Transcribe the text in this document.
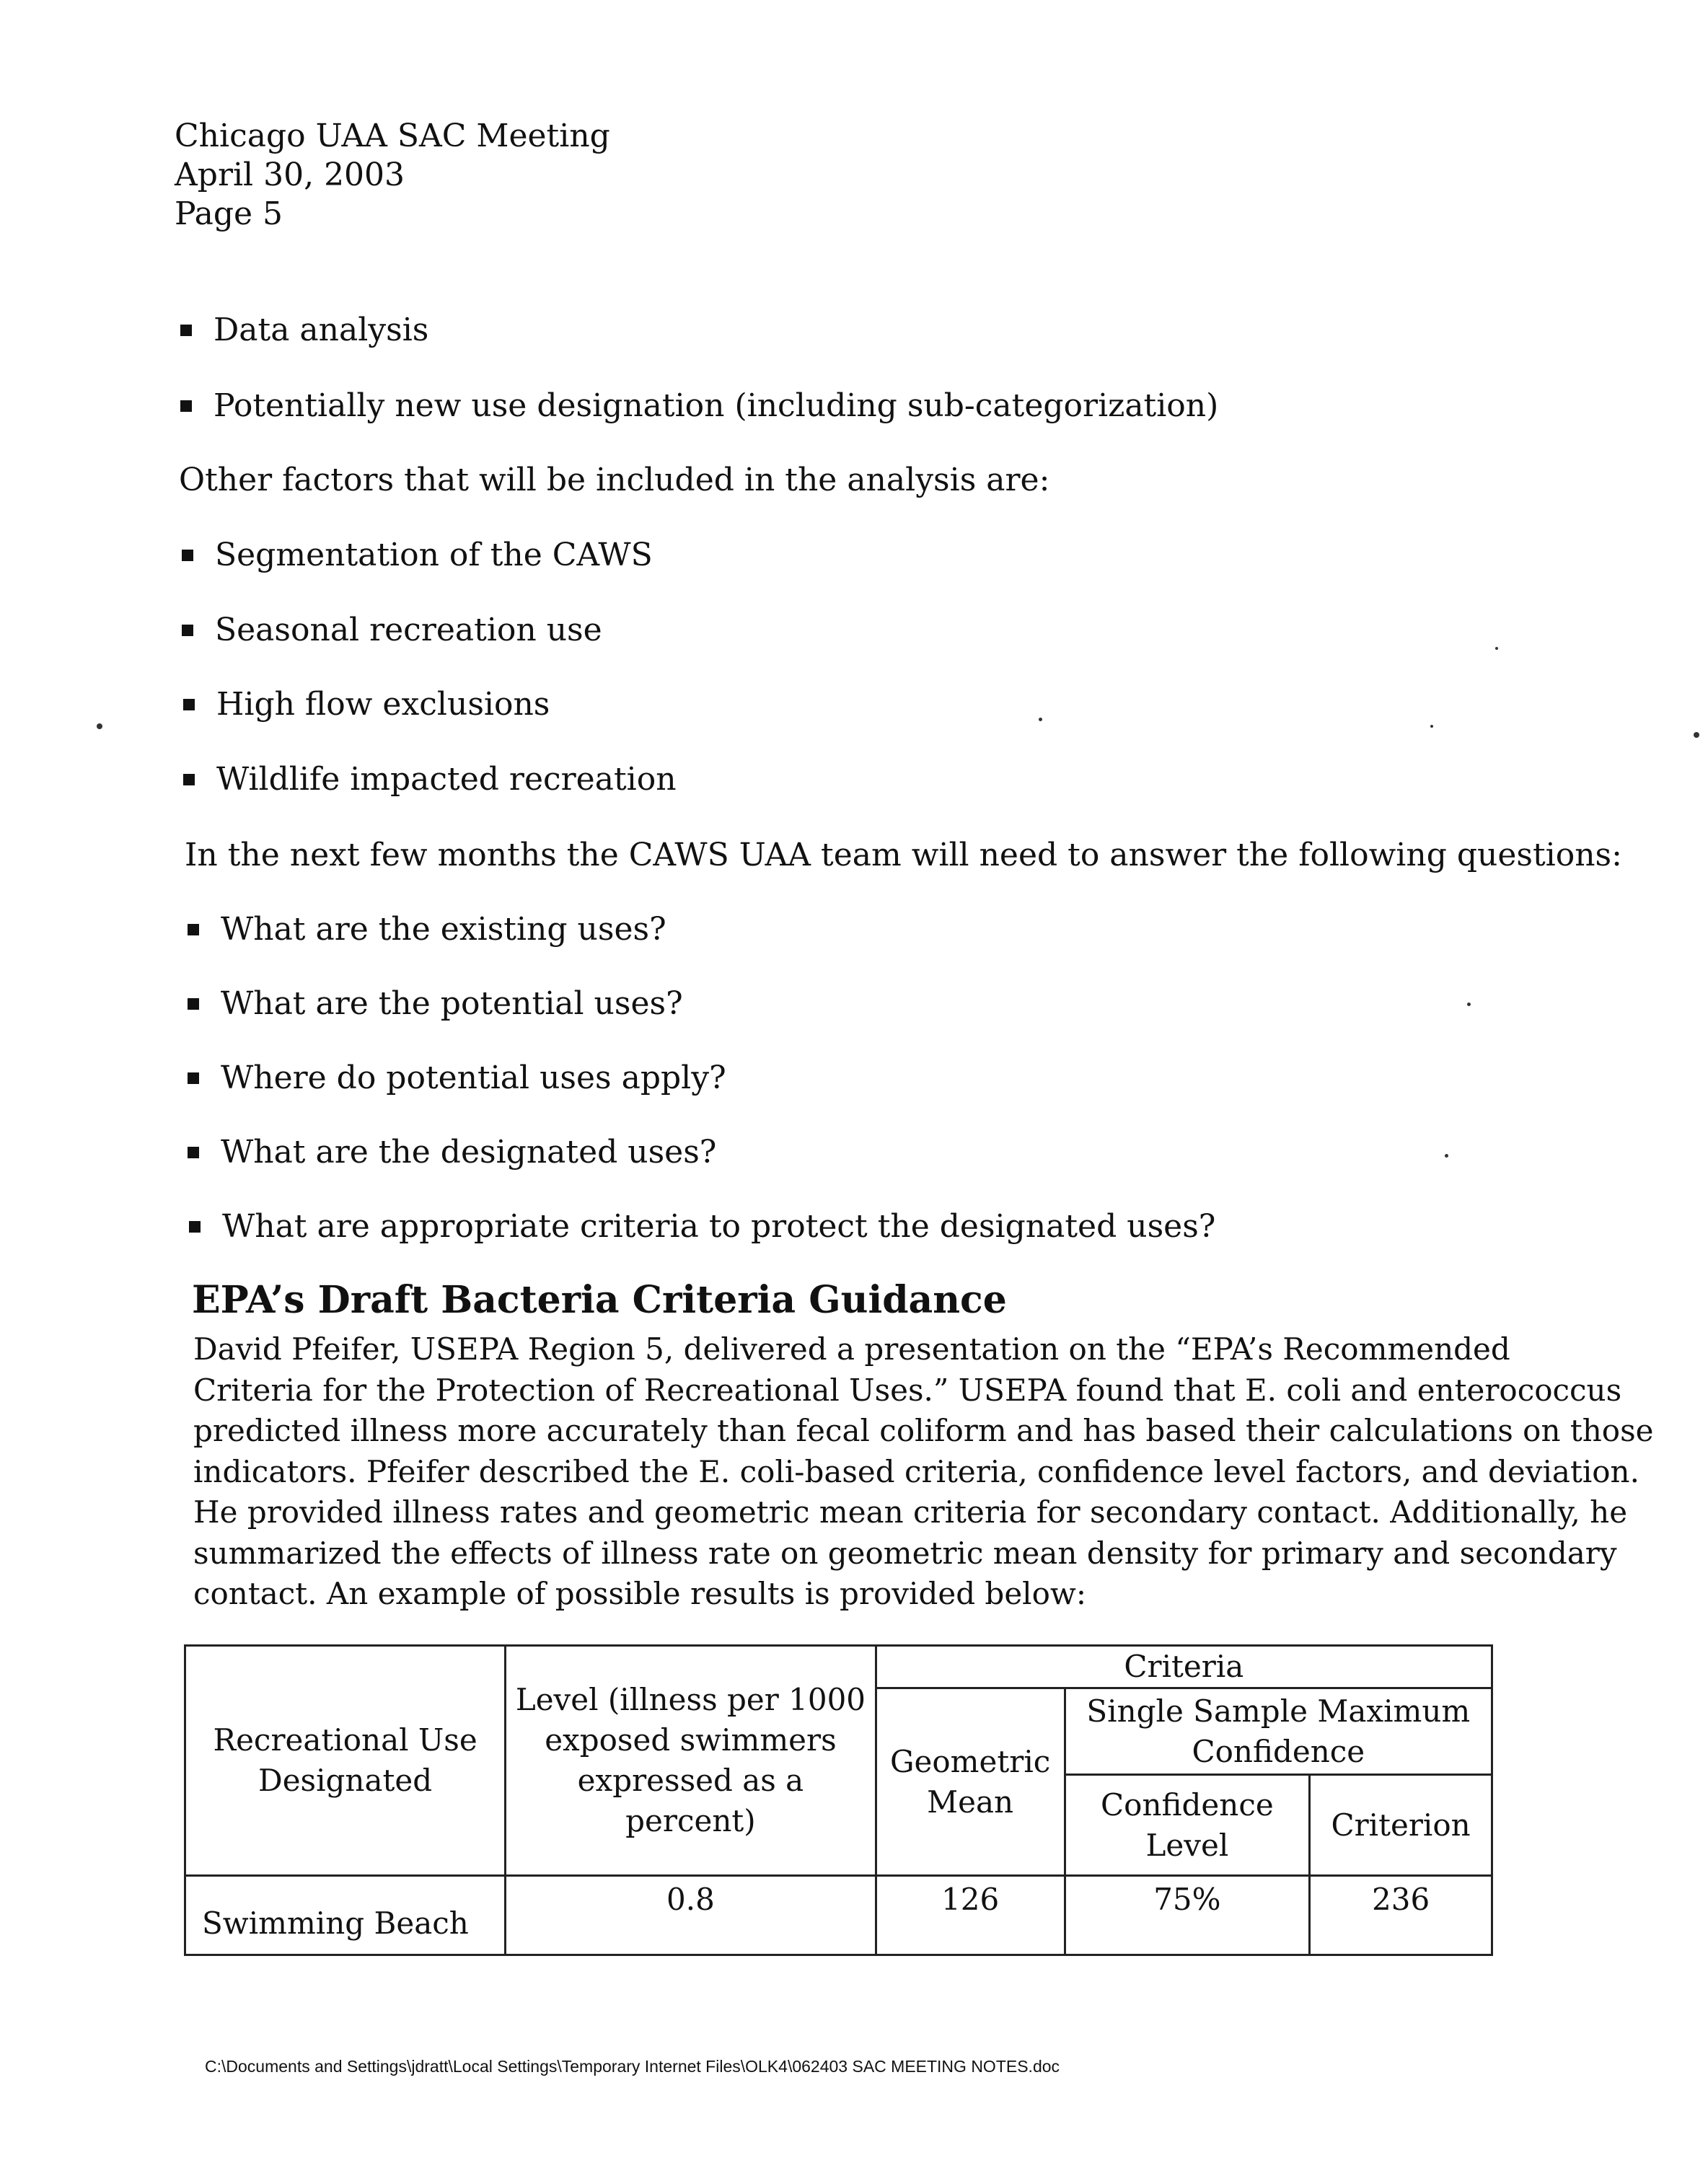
Chicago UAA SAC Meeting
April 30, 2003
Page 5
Data analysis
Potentially new use designation (including sub-categorization)
Other factors that will be included in the analysis are:
Segmentation of the CAWS
Seasonal recreation use
High flow exclusions
Wildlife impacted recreation
In the next few months the CAWS UAA team will need to answer the following questions:
What are the existing uses?
What are the potential uses?
Where do potential uses apply?
What are the designated uses?
What are appropriate criteria to protect the designated uses?
EPA’s Draft Bacteria Criteria Guidance
David Pfeifer, USEPA Region 5, delivered a presentation on the “EPA’s Recommended
Criteria for the Protection of Recreational Uses.” USEPA found that E. coli and enterococcus
predicted illness more accurately than fecal coliform and has based their calculations on those
indicators. Pfeifer described the E. coli-based criteria, confidence level factors, and deviation.
He provided illness rates and geometric mean criteria for secondary contact. Additionally, he
summarized the effects of illness rate on geometric mean density for primary and secondary
contact. An example of possible results is provided below:
Recreational Use Designated	Level (illness per 1000 exposed swimmers expressed as a percent)	Criteria		
		Geometric Mean	Single Sample Maximum Confidence	
			Confidence Level	Criterion
Swimming Beach	0.8	126	75%	236
C:\Documents and Settings\jdratt\Local Settings\Temporary Internet Files\OLK4\062403 SAC MEETING NOTES.doc
